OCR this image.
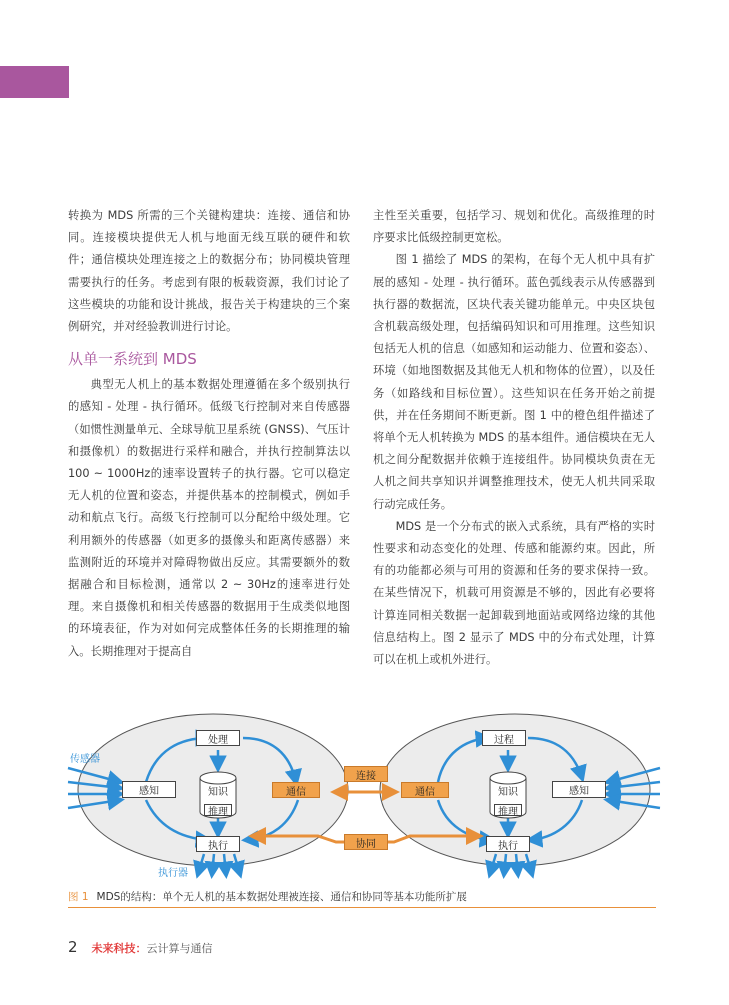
转换为 MDS 所需的三个关键构建块：连接、通信和协同。连接模块提供无人机与地面无线互联的硬件和软件；通信模块处理连接之上的数据分布；协同模块管理需要执行的任务。考虑到有限的板载资源，我们讨论了这些模块的功能和设计挑战，报告关于构建块的三个案例研究，并对经验教训进行讨论。

从单一系统到 MDS

典型无人机上的基本数据处理遵循在多个级别执行的感知 - 处理 - 执行循环。低级飞行控制对来自传感器（如惯性测量单元、全球导航卫星系统 (GNSS)、气压计和摄像机）的数据进行采样和融合，并执行控制算法以 100 ~ 1000Hz的速率设置转子的执行器。它可以稳定无人机的位置和姿态，并提供基本的控制模式，例如手动和航点飞行。高级飞行控制可以分配给中级处理。它利用额外的传感器（如更多的摄像头和距离传感器）来监测附近的环境并对障碍物做出反应。其需要额外的数据融合和目标检测，通常以 2 ~ 30Hz的速率进行处理。来自摄像机和相关传感器的数据用于生成类似地图的环境表征，作为对如何完成整体任务的长期推理的输入。长期推理对于提高自

主性至关重要，包括学习、规划和优化。高级推理的时序要求比低级控制更宽松。

图 1 描绘了 MDS 的架构，在每个无人机中具有扩展的感知 - 处理 - 执行循环。蓝色弧线表示从传感器到执行器的数据流，区块代表关键功能单元。中央区块包含机载高级处理，包括编码知识和可用推理。这些知识包括无人机的信息（如感知和运动能力、位置和姿态）、环境（如地图数据及其他无人机和物体的位置），以及任务（如路线和目标位置）。这些知识在任务开始之前提供，并在任务期间不断更新。图 1 中的橙色组件描述了将单个无人机转换为 MDS 的基本组件。通信模块在无人机之间分配数据并依赖于连接组件。协同模块负责在无人机之间共享知识并调整推理技术，使无人机共同采取行动完成任务。

MDS 是一个分布式的嵌入式系统，具有严格的实时性要求和动态变化的处理、传感和能源约束。因此，所有的功能都必须与可用的资源和任务的要求保持一致。在某些情况下，机载可用资源是不够的，因此有必要将计算连同相关数据一起卸载到地面站或网络边缘的其他信息结构上。图 2 显示了 MDS 中的分布式处理，计算可以在机上或机外进行。

处理
感知	知识
推理
通信
执行
连接
协同
过程
通信	知识
推理
感知
执行
传感器
执行器
图 1 MDS的结构：单个无人机的基本数据处理被连接、通信和协同等基本功能所扩展
2 未来科技： 云计算与通信
